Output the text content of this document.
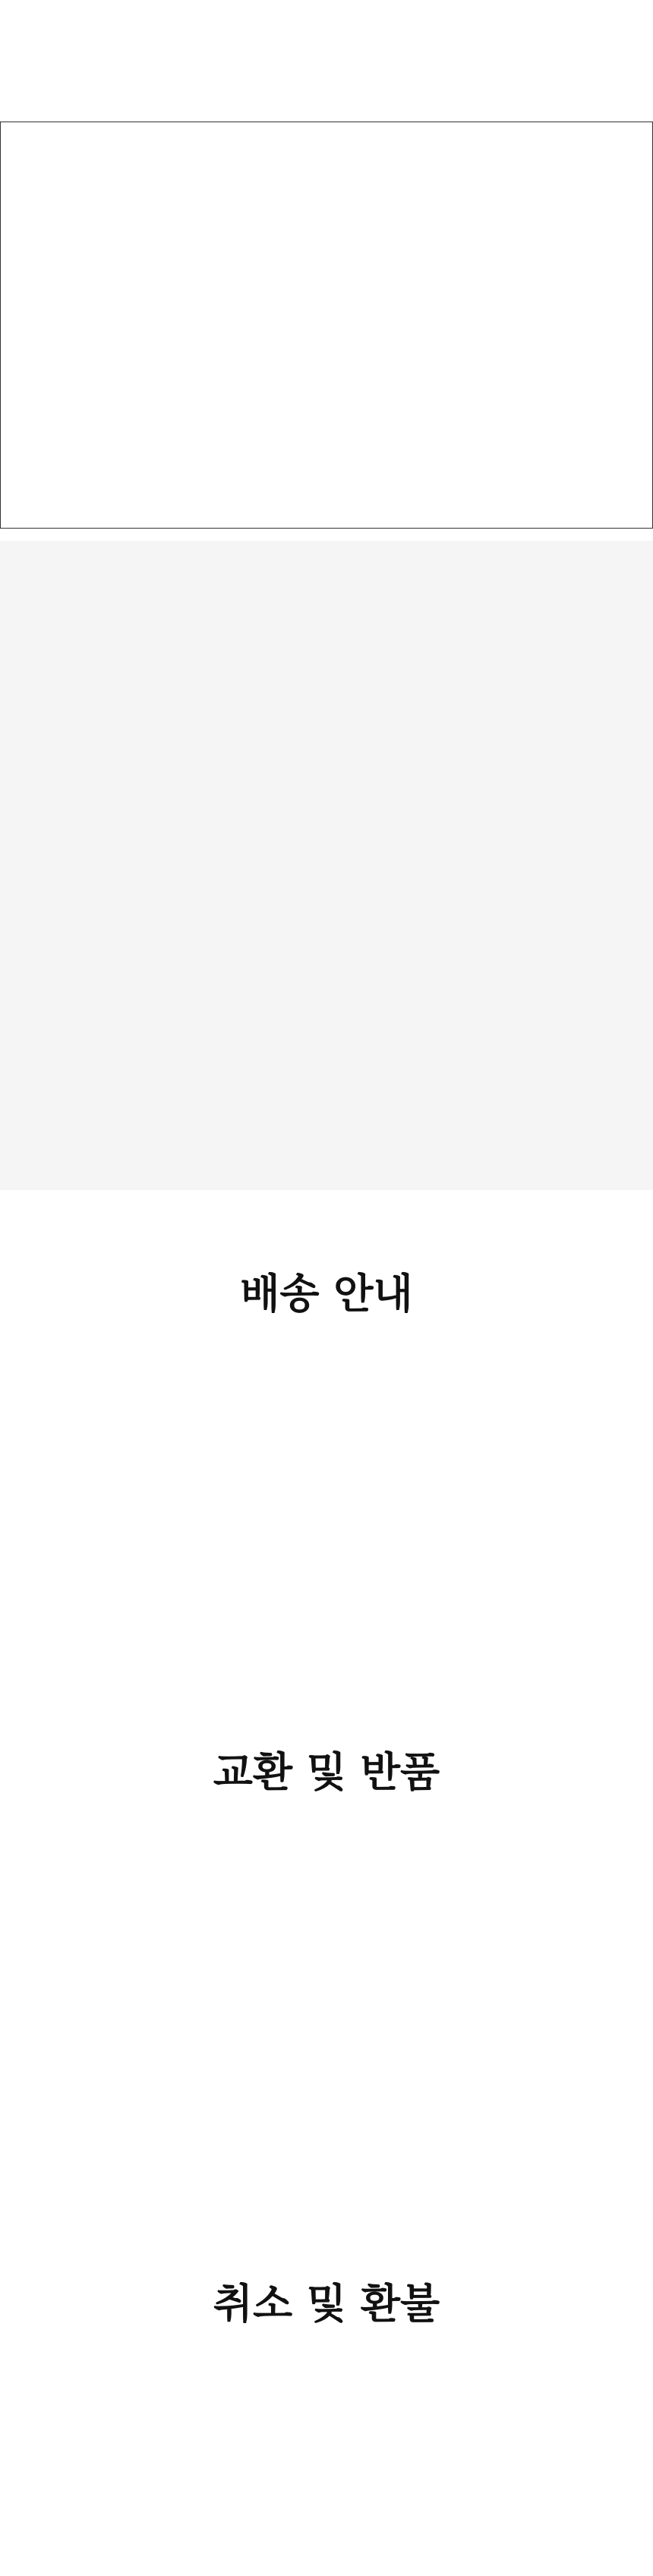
배송 안내
교환 및 반품
취소 및 환불
